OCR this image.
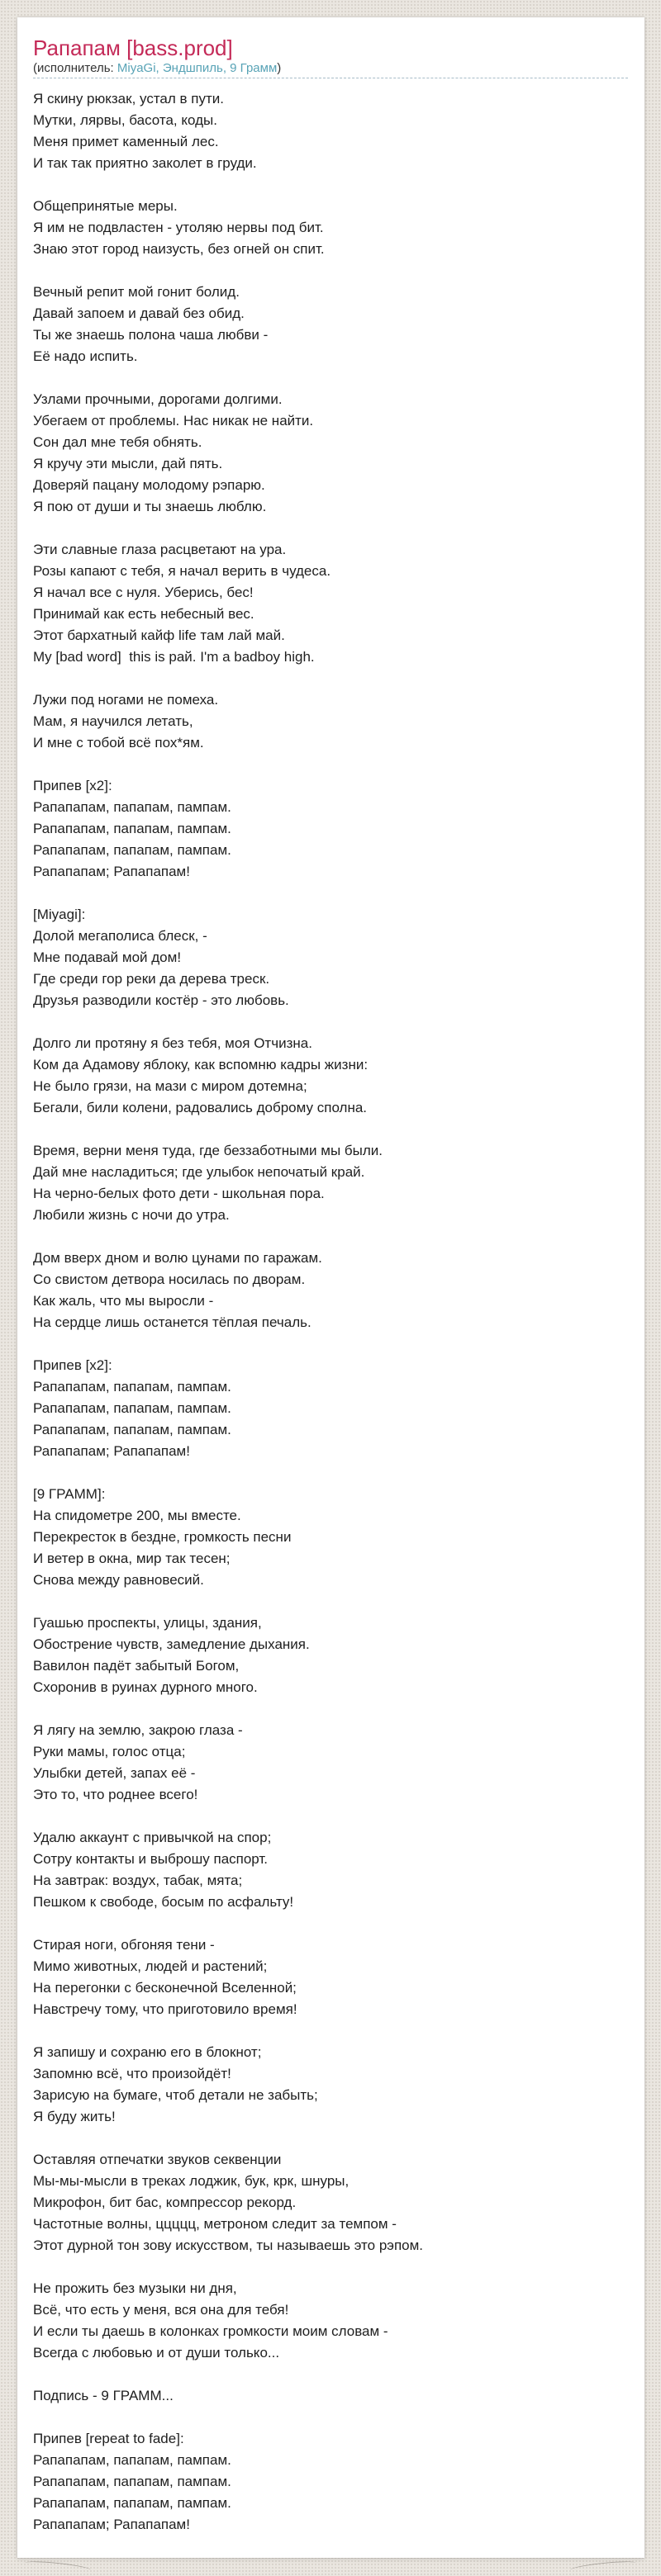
Рапапам [bass.prod]
(исполнитель: MiyaGi, Эндшпиль, 9 Грамм)

Я скину рюкзак, устал в пути.
Мутки, лярвы, басота, коды.
Меня примет каменный лес.
И так так приятно заколет в груди.

Общепринятые меры.
Я им не подвластен - утоляю нервы под бит.
Знаю этот город наизусть, без огней он спит.

Вечный репит мой гонит болид.
Давай запоем и давай без обид.
Ты же знаешь полона чаша любви -
Её надо испить.

Узлами прочными, дорогами долгими.
Убегаем от проблемы. Нас никак не найти.
Сон дал мне тебя обнять.
Я кручу эти мысли, дай пять.
Доверяй пацану молодому рэпарю.
Я пою от души и ты знаешь люблю.

Эти славные глаза расцветают на ура.
Розы капают с тебя, я начал верить в чудеса.
Я начал все с нуля. Уберись, бес!
Принимай как есть небесный вес.
Этот бархатный кайф life там лай май.
My [bad word]  this is рай. I'm a badboy high.

Лужи под ногами не помеха.
Мам, я научился летать,
И мне с тобой всё пох*ям.

Припев [x2]:
Рапапапам, папапам, пампам.
Рапапапам, папапам, пампам.
Рапапапам, папапам, пампам.
Рапапапам; Рапапапам!

[Miyagi]:
Долой мегаполиса блеск, -
Мне подавай мой дом!
Где среди гор реки да дерева треск.
Друзья разводили костёр - это любовь.

Долго ли протяну я без тебя, моя Отчизна.
Ком да Адамову яблоку, как вспомню кадры жизни:
Не было грязи, на мази с миром дотемна;
Бегали, били колени, радовались доброму сполна.

Время, верни меня туда, где беззаботными мы были.
Дай мне насладиться; где улыбок непочатый край.
На черно-белых фото дети - школьная пора.
Любили жизнь с ночи до утра.

Дом вверх дном и волю цунами по гаражам.
Со свистом детвора носилась по дворам.
Как жаль, что мы выросли -
На сердце лишь останется тёплая печаль.

Припев [x2]:
Рапапапам, папапам, пампам.
Рапапапам, папапам, пампам.
Рапапапам, папапам, пампам.
Рапапапам; Рапапапам!

[9 ГРАММ]:
На спидометре 200, мы вместе.
Перекресток в бездне, громкость песни
И ветер в окна, мир так тесен;
Снова между равновесий.

Гуашью проспекты, улицы, здания,
Обострение чувств, замедление дыхания.
Вавилон падёт забытый Богом,
Схоронив в руинах дурного много.

Я лягу на землю, закрою глаза -
Руки мамы, голос отца;
Улыбки детей, запах её -
Это то, что роднее всего!

Удалю аккаунт с привычкой на спор;
Сотру контакты и выброшу паспорт.
На завтрак: воздух, табак, мята;
Пешком к свободе, босым по асфальту!

Стирая ноги, обгоняя тени -
Мимо животных, людей и растений;
На перегонки с бесконечной Вселенной;
Навстречу тому, что приготовило время!

Я запишу и сохраню его в блокнот;
Запомню всё, что произойдёт!
Зарисую на бумаге, чтоб детали не забыть;
Я буду жить!

Оставляя отпечатки звуков секвенции
Мы-мы-мысли в треках лоджик, бук, крк, шнуры,
Микрофон, бит бас, компрессор рекорд.
Частотные волны, ццццц, метроном следит за темпом -
Этот дурной тон зову искусством, ты называешь это рэпом.

Не прожить без музыки ни дня,
Всё, что есть у меня, вся она для тебя!
И если ты даешь в колонках громкости моим словам -
Всегда с любовью и от души только...

Подпись - 9 ГРАММ...

Припев [repeat to fade]:
Рапапапам, папапам, пампам.
Рапапапам, папапам, пампам.
Рапапапам, папапам, пампам.
Рапапапам; Рапапапам!
